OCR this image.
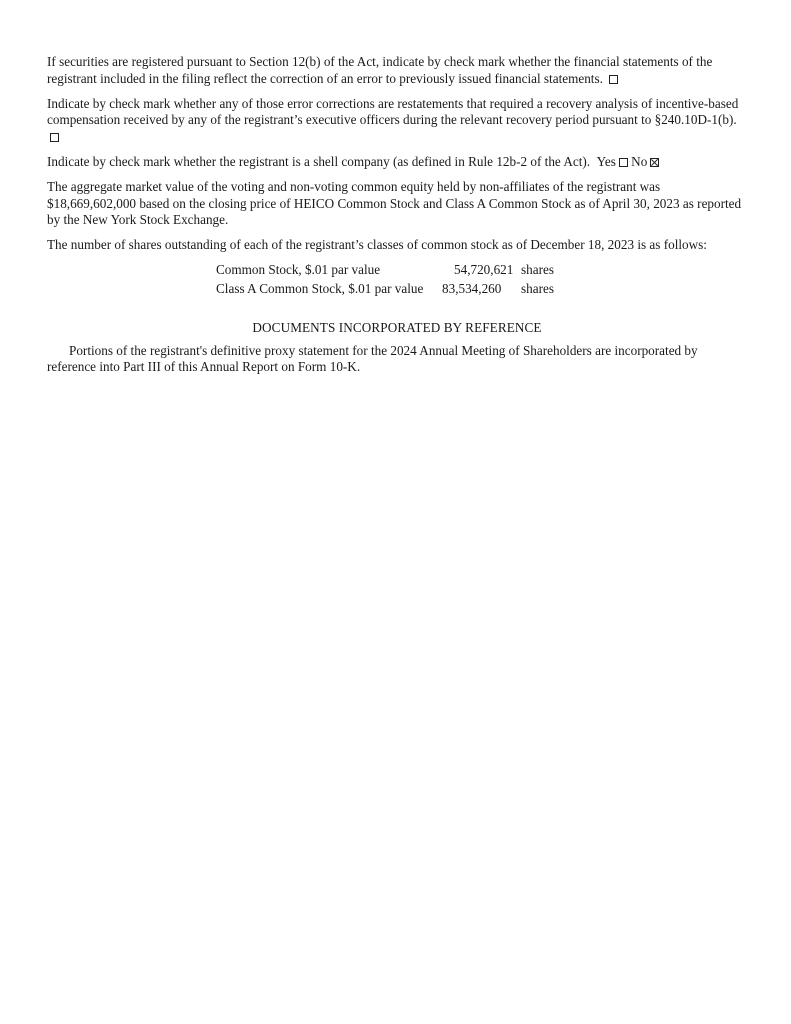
If securities are registered pursuant to Section 12(b) of the Act, indicate by check mark whether the financial statements of the registrant included in the filing reflect the correction of an error to previously issued financial statements.

Indicate by check mark whether any of those error corrections are restatements that required a recovery analysis of incentive-based compensation received by any of the registrant’s executive officers during the relevant recovery period pursuant to §240.10D-1(b).

Indicate by check mark whether the registrant is a shell company (as defined in Rule 12b-2 of the Act). Yes No

The aggregate market value of the voting and non-voting common equity held by non-affiliates of the registrant was $18,669,602,000 based on the closing price of HEICO Common Stock and Class A Common Stock as of April 30, 2023 as reported by the New York Stock Exchange.

The number of shares outstanding of each of the registrant’s classes of common stock as of December 18, 2023 is as follows:

Common Stock, $.01 par value	54,720,621	shares
Class A Common Stock, $.01 par value	83,534,260	shares

DOCUMENTS INCORPORATED BY REFERENCE

Portions of the registrant's definitive proxy statement for the 2024 Annual Meeting of Shareholders are incorporated by reference into Part III of this Annual Report on Form 10-K.
